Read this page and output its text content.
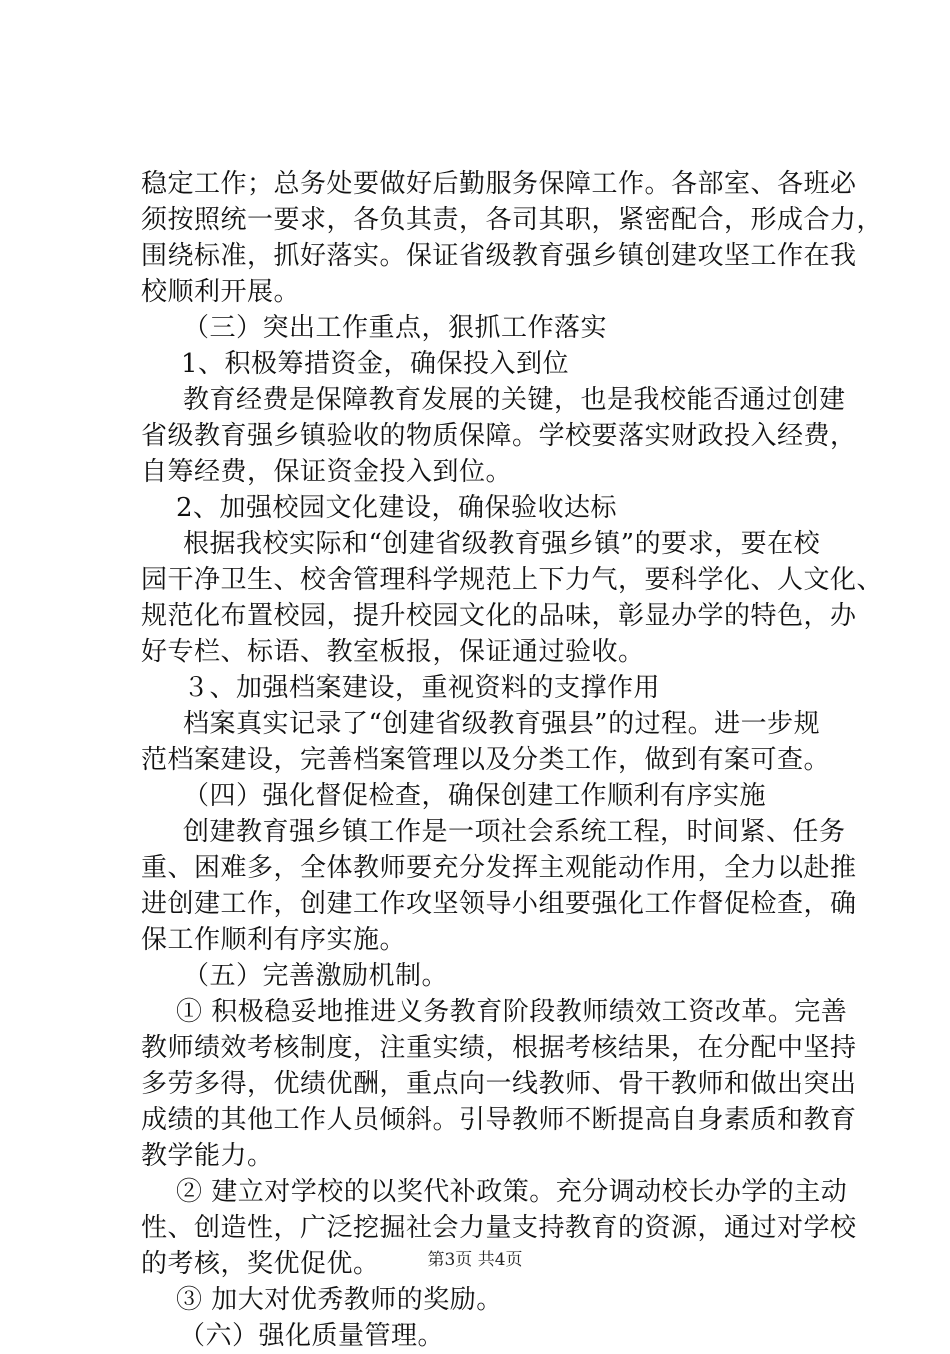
稳定工作；总务处要做好后勤服务保障工作。各部室、各班必
须按照统一要求，各负其责，各司其职，紧密配合，形成合力，
围绕标准，抓好落实。保证省级教育强乡镇创建攻坚工作在我
校顺利开展。
（三）突出工作重点，狠抓工作落实
1、积极筹措资金，确保投入到位
教育经费是保障教育发展的关键，也是我校能否通过创建
省级教育强乡镇验收的物质保障。学校要落实财政投入经费，
自筹经费，保证资金投入到位。
2、加强校园文化建设，确保验收达标
根据我校实际和“创建省级教育强乡镇”的要求，要在校
园干净卫生、校舍管理科学规范上下力气，要科学化、人文化、
规范化布置校园，提升校园文化的品味，彰显办学的特色，办
好专栏、标语、教室板报，保证通过验收。
３、加强档案建设，重视资料的支撑作用
档案真实记录了“创建省级教育强县”的过程。进一步规
范档案建设，完善档案管理以及分类工作，做到有案可查。
（四）强化督促检查，确保创建工作顺利有序实施
创建教育强乡镇工作是一项社会系统工程，时间紧、任务
重、困难多，全体教师要充分发挥主观能动作用，全力以赴推
进创建工作，创建工作攻坚领导小组要强化工作督促检查，确
保工作顺利有序实施。
（五）完善激励机制。
① 积极稳妥地推进义务教育阶段教师绩效工资改革。完善
教师绩效考核制度，注重实绩，根据考核结果，在分配中坚持
多劳多得，优绩优酬，重点向一线教师、骨干教师和做出突出
成绩的其他工作人员倾斜。引导教师不断提高自身素质和教育
教学能力。
② 建立对学校的以奖代补政策。充分调动校长办学的主动
性、创造性，广泛挖掘社会力量支持教育的资源，通过对学校
的考核，奖优促优。
③ 加大对优秀教师的奖励。
（六）强化质量管理。
第3页 共4页
